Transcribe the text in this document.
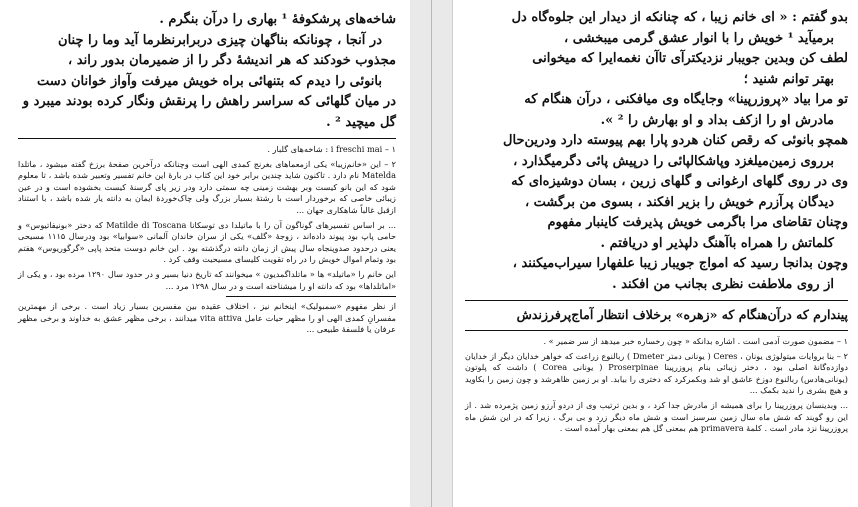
شاخه‌های پرشکوفهٔ ¹ بهاری را درآن بنگرم .

در آنجا ، چونانکه بناگهان چیزی دربرابرنظرما آید وما را چنان

مجذوب خودکند که هر اندیشهٔ دگر را از ضمیرمان بدور راند ،

بانوئی را دیدم که بتنهائی براه خویش میرفت وآواز خوانان دست

در میان گلهائی که سراسر راهش را پرنقش ونگار کرده بودند میبرد و

گل میچید ² .

۱ – i freschi mai : شاخه‌های گلبار .

۲ – این «خانم‌زیبا» یکی ازمعماهای بغرنج کمدی الهی است وچنانکه درآخرین صفحهٔ برزخ گفته میشود ، ماتلدا Matelda نام دارد . تاکنون شاید چندین برابر خود این کتاب در بارهٔ این خانم تفسیر وتعبیر شده باشد ، تا معلوم شود که این بانو کیست وبر بهشت زمینی چه سمتی دارد ودر زیر پای گرسنهٔ کیست بخشوده است و در عین زیبائی خاصی که برخوردار است با رشتهٔ بسیار بزرگ ولی چاک‌خوردهٔ ایمان به دانته یار شده باشد ، با استناد ازقبل غالباً شاهکاری جهان ...

... بر اساس تفسیرهای گوناگون آن را با ماتیلدا دی توسکانا Matilde di Toscana که دختر «بونیفاتیوس» و حامی پاپ بود پیوند داده‌اند ، زوجهٔ «گلف» یکی از سران خاندان آلمانی «سوابیا» بود ودرسال ۱۱۱۵ مسیحی یعنی درحدود صدوپنجاه سال پیش از زمان دانته درگذشته بود . این خانم دوست متحد پاپی «گرگوریوس» هفتم بود وتمام اموال خویش را در راه تقویت کلیسای مسیحیت وقف کرد .

این خانم را «ماتیلد» ها « ماتلدا‌گمدیون » میخوانند که تاریخ دنیا بسیر و در حدود سال ۱۲۹۰ مرده بود ، و یکی از «اماتلداها» بود که دانته او را میشناخته است و در سال ۱۲۹۸ مرد ...

از نظر مفهوم «سمبولیک» اینخانم نیز ، اختلاف عقیده بین مفسرین بسیار زیاد است . برخی از مهمترین مفسرانِ کمدی الهی او را مظهر حیات عامل vita attiva میدانند ، برخی مظهر عشق به خداوند و برخی مظهر عرفان یا فلسفهٔ طبیعی ...

بدو گفتم : « ای خانم زیبا ، که چنانکه از دیدار این جلوه‌گاه دل

برمیآید ¹ خویش را با انوار عشق گرمی میبخشی ،

لطف کن وبدین جویبار نزدیکترآی تاآن نغمه‌ایرا که میخوانی

بهتر توانم شنید ؛

تو مرا بیاد «پروزرپینا» وجایگاه وی میافکنی ، درآن هنگام که

مادرش او را ازکف بداد و او بهارش را ² ».

همچو بانوئی که رقص کنان هردو پارا بهم پیوسته دارد ودرین‌حال

برروی زمین‌میلغزد وپاشکالپائی را درپیش پائی دگرمیگذارد ،

وی در روی گلهای ارغوانی و گلهای زرین ، بسان دوشیزه‌ای که

دیدگان پرآزرم خویش را بزیر افکند ، بسوی من برگشت ،

وچنان تقاضای مرا باگرمی خویش پذیرفت کاینبار مفهوم

کلماتش را همراه باآهنگ دلپذیر او دریافتم .

وچون بدانجا رسید که امواج جویبار زیبا علفهارا سیراب‌میکنند ،

از روی ملاطفت نظری بجانب من افکند .

پیندارم که درآن‌هنگام که «زهره» برخلاف انتظار آماج‌پرفرزندش

۱ – مضمون صورت آدمی است . اشاره بدانکه « چون رخساره خبر میدهد از سر ضمیر » .

۲ – بنا بروایات میتولوژی یونان ، Ceres ( یونانی دمتر Dmeter ) ربالنوع زراعت که خواهر خدایان دیگر از خدایان دوازده‌گانهٔ اصلی بود ، دختر زیبائی بنام پروزرپینا Proserpinae ( یونانی Corea ) داشت که پلوتون (یونانی‌هادس) ربالنوع دوزخ عاشق او شد وبکمرکرد که دختری را بیابد. او بر زمین ظاهرشد و چون زمین را بکاوید و هیچ بشری را ندید بکمک ...

... وبدینسان پروزرپینا را برای همیشه از مادرش جدا کرد ، و بدین ترتیب وی از دردو آرزو زمین پژمرده شد . از این رو گویند که شش ماه سال زمین سرسبز است و شش ماه دیگر زرد و بی برگ ، زیرا که در این شش ماه پروزرپینا نزد مادر است . کلمهٔ primavera هم بمعنی گل هم بمعنی بهار آمده است .
